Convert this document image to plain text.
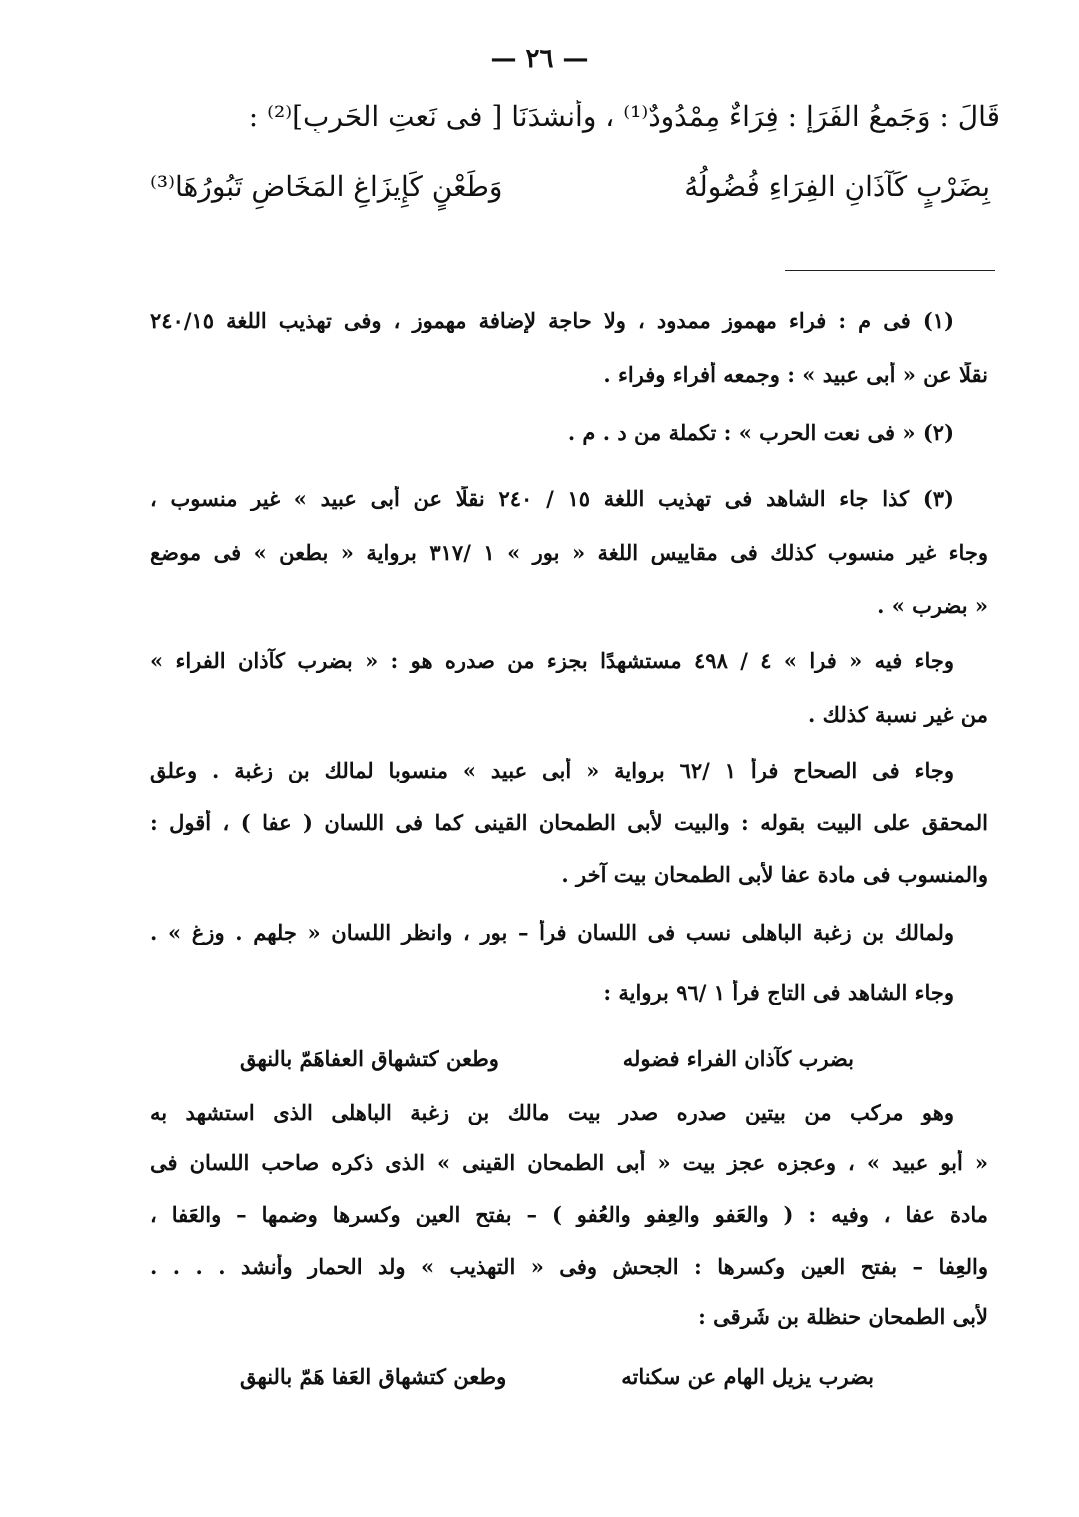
— ٢٦ —
قَالَ : وَجَمعُ الفَرَإِ : فِرَاءٌ مِمْدُودٌ⁽¹⁾ ، وأَنشدَنَا [ فى نَعتِ الحَربِ]⁽²⁾ :
بِضَرْبٍ كَآذَانِ الفِرَاءِ فُضُولُهُ
وَطَعْنٍ كَإِيزَاغِ المَخَاضِ تَبُورُهَا⁽³⁾
(١) فى م : فراء مهموز ممدود ، ولا حاجة لإضافة مهموز ، وفى تهذيب اللغة ٢٤٠/١٥
نقلًا عن « أبى عبيد » : وجمعه أفراء وفراء .
(٢) « فى نعت الحرب » : تكملة من د . م .
(٣) كذا جاء الشاهد فى تهذيب اللغة ١٥ / ٢٤٠ نقلًا عن أبى عبيد » غير منسوب ،
وجاء غير منسوب كذلك فى مقاييس اللغة « بور » ١ /٣١٧ برواية « بطعن » فى موضع
« بضرب » .
وجاء فيه « فرا » ٤ / ٤٩٨ مستشهدًا بجزء من صدره هو : « بضرب كآذان الفراء »
من غير نسبة كذلك .
وجاء فى الصحاح فرأ ١ /٦٢ برواية « أبى عبيد » منسوبا لمالك بن زغبة . وعلق
المحقق على البيت بقوله : والبيت لأبى الطمحان القينى كما فى اللسان ( عفا ) ، أقول :
والمنسوب فى مادة عفا لأبى الطمحان بيت آخر .
ولمالك بن زغبة الباهلى نسب فى اللسان فرأ – بور ، وانظر اللسان « جلهم . وزغ » .
وجاء الشاهد فى التاج فرأ ١ /٩٦ برواية :
بضرب كآذان الفراء فضوله
وطعن كتشهاق العفاهَمّ بالنهق
وهو مركب من بيتين صدره صدر بيت مالك بن زغبة الباهلى الذى استشهد به
« أبو عبيد » ، وعجزه عجز بيت « أبى الطمحان القينى » الذى ذكره صاحب اللسان فى
مادة عفا ، وفيه : ( والعَفو والعِفو والعُفو ) – بفتح العين وكسرها وضمها – والعَفا ،
والعِفا – بفتح العين وكسرها : الجحش وفى « التهذيب » ولد الحمار وأنشد . . . .
لأبى الطمحان حنظلة بن شَرقى :
بضرب يزيل الهام عن سكناته
وطعن كتشهاق العَفا هَمّ بالنهق
